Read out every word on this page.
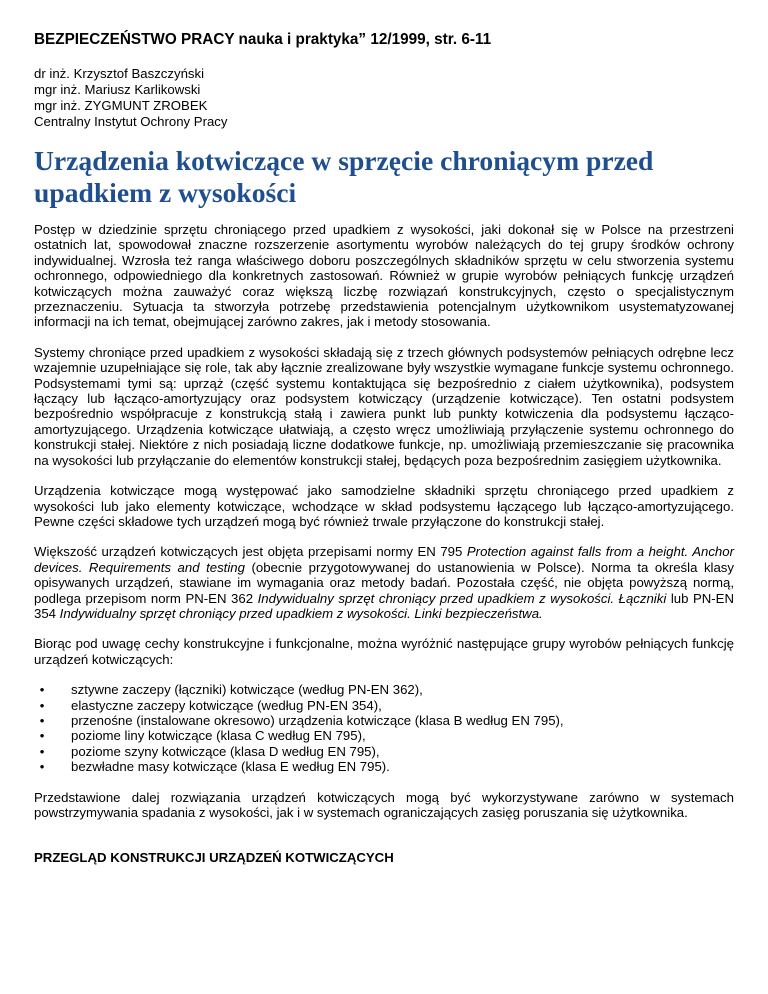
BEZPIECZEŃSTWO PRACY nauka i praktyka” 12/1999, str. 6-11
dr inż. Krzysztof Baszczyński
mgr inż. Mariusz Karlikowski
mgr inż. ZYGMUNT ZROBEK
Centralny Instytut Ochrony Pracy
Urządzenia kotwiczące w sprzęcie chroniącym przed upadkiem z wysokości

Postęp w dziedzinie sprzętu chroniącego przed upadkiem z wysokości, jaki dokonał się w Polsce na przestrzeni ostatnich lat, spowodował znaczne rozszerzenie asortymentu wyrobów należących do tej grupy środków ochrony indywidualnej. Wzrosła też ranga właściwego doboru poszczególnych składników sprzętu w celu stworzenia systemu ochronnego, odpowiedniego dla konkretnych zastosowań. Również w grupie wyrobów pełniących funkcję urządzeń kotwiczących można zauważyć coraz większą liczbę rozwiązań konstrukcyjnych, często o specjalistycznym przeznaczeniu. Sytuacja ta stworzyła potrzebę przedstawienia potencjalnym użytkownikom usystematyzowanej informacji na ich temat, obejmującej zarówno zakres, jak i metody stosowania.

Systemy chroniące przed upadkiem z wysokości składają się z trzech głównych podsystemów pełniących odrębne lecz wzajemnie uzupełniające się role, tak aby łącznie zrealizowane były wszystkie wymagane funkcje systemu ochronnego. Podsystemami tymi są: uprząż (część systemu kontaktująca się bezpośrednio z ciałem użytkownika), podsystem łączący lub łącząco-amortyzujący oraz podsystem kotwiczący (urządzenie kotwiczące). Ten ostatni podsystem bezpośrednio współpracuje z konstrukcją stałą i zawiera punkt lub punkty kotwiczenia dla podsystemu łącząco-amortyzującego. Urządzenia kotwiczące ułatwiają, a często wręcz umożliwiają przyłączenie systemu ochronnego do konstrukcji stałej. Niektóre z nich posiadają liczne dodatkowe funkcje, np. umożliwiają przemieszczanie się pracownika na wysokości lub przyłączanie do elementów konstrukcji stałej, będących poza bezpośrednim zasięgiem użytkownika.

Urządzenia kotwiczące mogą występować jako samodzielne składniki sprzętu chroniącego przed upadkiem z wysokości lub jako elementy kotwiczące, wchodzące w skład podsystemu łączącego lub łącząco-amortyzującego. Pewne części składowe tych urządzeń mogą być również trwale przyłączone do konstrukcji stałej.

Większość urządzeń kotwiczących jest objęta przepisami normy EN 795 Protection against falls from a height. Anchor devices. Requirements and testing (obecnie przygotowywanej do ustanowienia w Polsce). Norma ta określa klasy opisywanych urządzeń, stawiane im wymagania oraz metody badań. Pozostała część, nie objęta powyższą normą, podlega przepisom norm PN-EN 362 Indywidualny sprzęt chroniący przed upadkiem z wysokości. Łączniki lub PN-EN 354 Indywidualny sprzęt chroniący przed upadkiem z wysokości. Linki bezpieczeństwa.

Biorąc pod uwagę cechy konstrukcyjne i funkcjonalne, można wyróżnić następujące grupy wyrobów pełniących funkcję urządzeń kotwiczących:

• sztywne zaczepy (łączniki) kotwiczące (według PN-EN 362),
• elastyczne zaczepy kotwiczące (według PN-EN 354),
• przenośne (instalowane okresowo) urządzenia kotwiczące (klasa B według EN 795),
• poziome liny kotwiczące (klasa C według EN 795),
• poziome szyny kotwiczące (klasa D według EN 795),
• bezwładne masy kotwiczące (klasa E według EN 795).

Przedstawione dalej rozwiązania urządzeń kotwiczących mogą być wykorzystywane zarówno w systemach powstrzymywania spadania z wysokości, jak i w systemach ograniczających zasięg poruszania się użytkownika.

PRZEGLĄD KONSTRUKCJI URZĄDZEŃ KOTWICZĄCYCH
